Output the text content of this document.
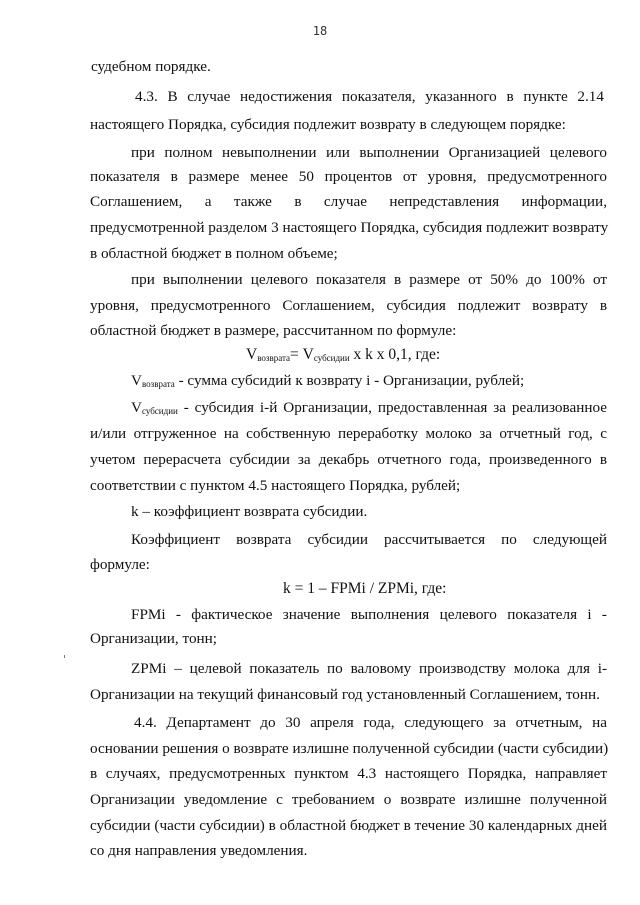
18
судебном порядке.
4.3. В случае недостижения показателя, указанного в пункте 2.14
настоящего Порядка, субсидия подлежит возврату в следующем порядке:
при полном невыполнении или выполнении Организацией целевого
показателя в размере менее 50 процентов от уровня, предусмотренного
Соглашением, а также в случае непредставления информации,
предусмотренной разделом 3 настоящего Порядка, субсидия подлежит возврату
в областной бюджет в полном объеме;
при выполнении целевого показателя в размере от 50% до 100% от
уровня, предусмотренного Соглашением, субсидия подлежит возврату в
областной бюджет в размере, рассчитанном по формуле:
$V_{возврата}= V_{субсидии}$ x k x 0,1, где:
$V_{возврата}$ - сумма субсидий к возврату i - Организации, рублей;
$V_{субсидии}$ - субсидия i-й Организации, предоставленная за реализованное
и/или отгруженное на собственную переработку молоко за отчетный год, с
учетом перерасчета субсидии за декабрь отчетного года, произведенного в
соответствии с пунктом 4.5 настоящего Порядка, рублей;
k – коэффициент возврата субсидии.
Коэффициент возврата субсидии рассчитывается по следующей
формуле:
k = 1 – FPMi / ZPMi, где:
FPMi - фактическое значение выполнения целевого показателя i -
Организации, тонн;
ZPMi – целевой показатель по валовому производству молока для i-
Организации на текущий финансовый год установленный Соглашением, тонн.
4.4. Департамент до 30 апреля года, следующего за отчетным, на
основании решения о возврате излишне полученной субсидии (части субсидии)
в случаях, предусмотренных пунктом 4.3 настоящего Порядка, направляет
Организации уведомление с требованием о возврате излишне полученной
субсидии (части субсидии) в областной бюджет в течение 30 календарных дней
со дня направления уведомления.
